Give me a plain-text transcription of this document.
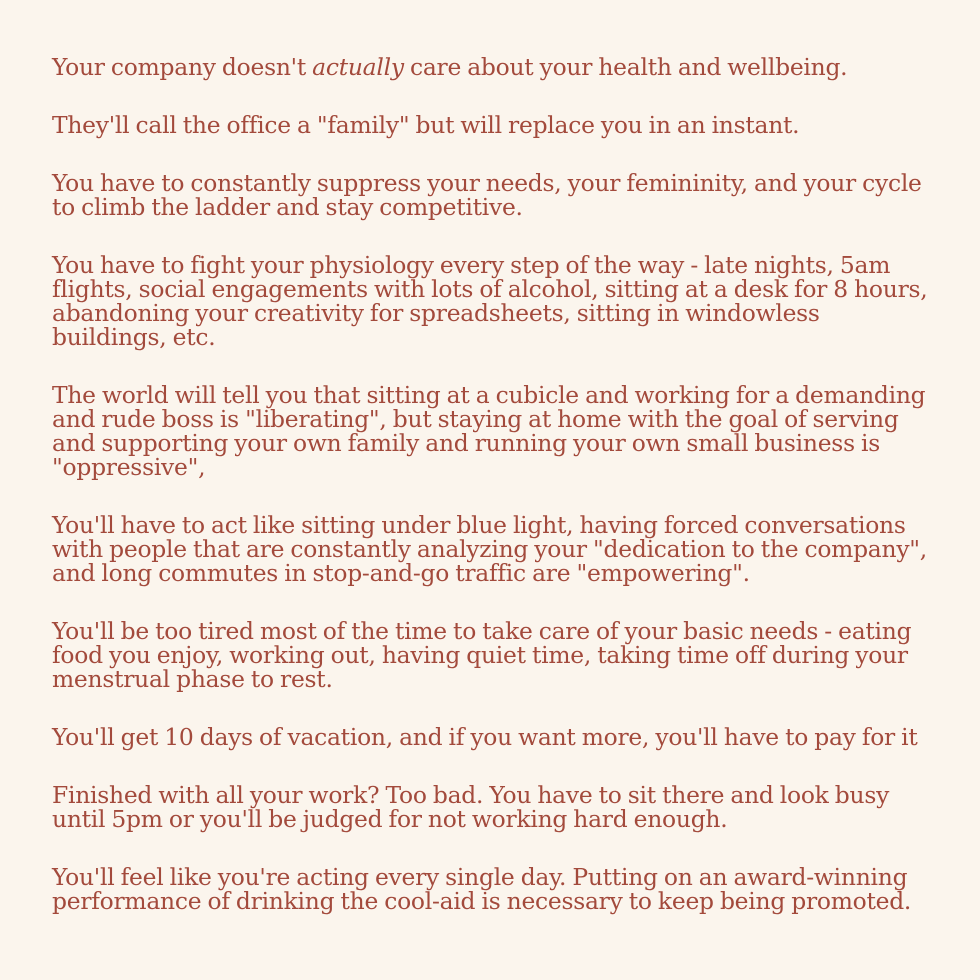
Your company doesn't actually care about your health and wellbeing.

They'll call the office a "family" but will replace you in an instant.

You have to constantly suppress your needs, your femininity, and your cycle to climb the ladder and stay competitive.

You have to fight your physiology every step of the way - late nights, 5am flights, social engagements with lots of alcohol, sitting at a desk for 8 hours, abandoning your creativity for spreadsheets, sitting in windowless buildings, etc.

The world will tell you that sitting at a cubicle and working for a demanding and rude boss is "liberating", but staying at home with the goal of serving and supporting your own family and running your own small business is "oppressive",

You'll have to act like sitting under blue light, having forced conversations with people that are constantly analyzing your "dedication to the company", and long commutes in stop-and-go traffic are "empowering".

You'll be too tired most of the time to take care of your basic needs - eating food you enjoy, working out, having quiet time, taking time off during your menstrual phase to rest.

You'll get 10 days of vacation, and if you want more, you'll have to pay for it

Finished with all your work? Too bad. You have to sit there and look busy until 5pm or you'll be judged for not working hard enough.

You'll feel like you're acting every single day. Putting on an award-winning performance of drinking the cool-aid is necessary to keep being promoted.
